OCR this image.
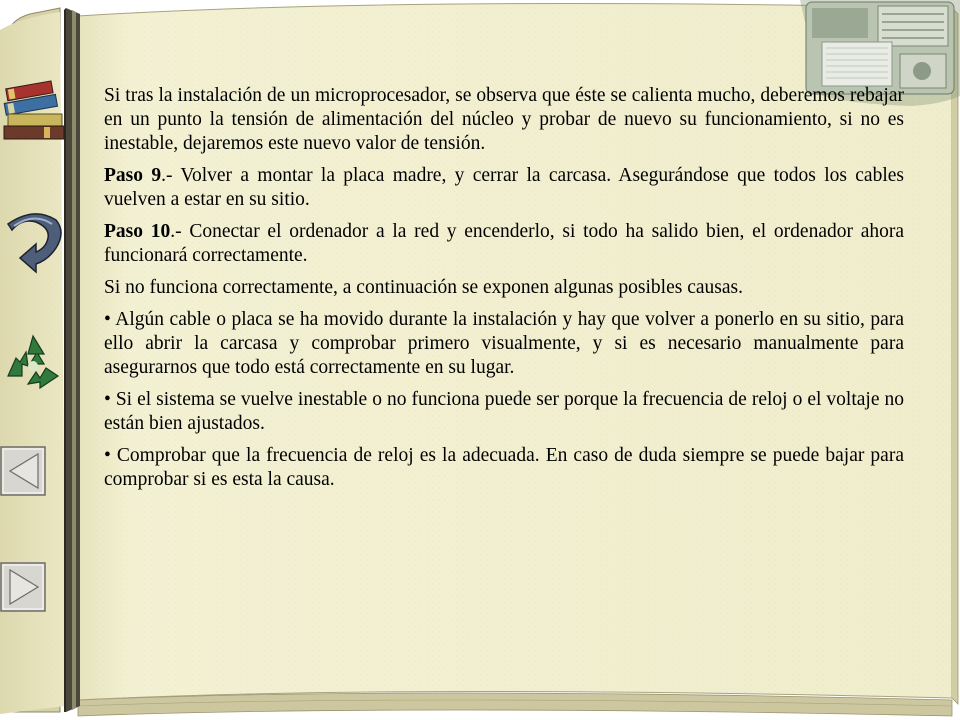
Si tras la instalación de un microprocesador, se observa que éste se calienta mucho, deberemos rebajar en un punto la tensión de alimentación del núcleo y probar de nuevo su funcionamiento, si no es inestable, dejaremos este nuevo valor de tensión.

Paso 9.- Volver a montar la placa madre, y cerrar la carcasa. Asegurándose que todos los cables vuelven a estar en su sitio.

Paso 10.- Conectar el ordenador a la red y encenderlo, si todo ha salido bien, el ordenador ahora funcionará correctamente.

Si no funciona correctamente, a continuación se exponen algunas posibles causas.

• Algún cable o placa se ha movido durante la instalación y hay que volver a ponerlo en su sitio, para ello abrir la carcasa y comprobar primero visualmente, y si es necesario manualmente para asegurarnos que todo está correctamente en su lugar.

• Si el sistema se vuelve inestable o no funciona puede ser porque la frecuencia de reloj o el voltaje no están bien ajustados.

• Comprobar que la frecuencia de reloj es la adecuada. En caso de duda siempre se puede bajar para comprobar si es esta la causa.
